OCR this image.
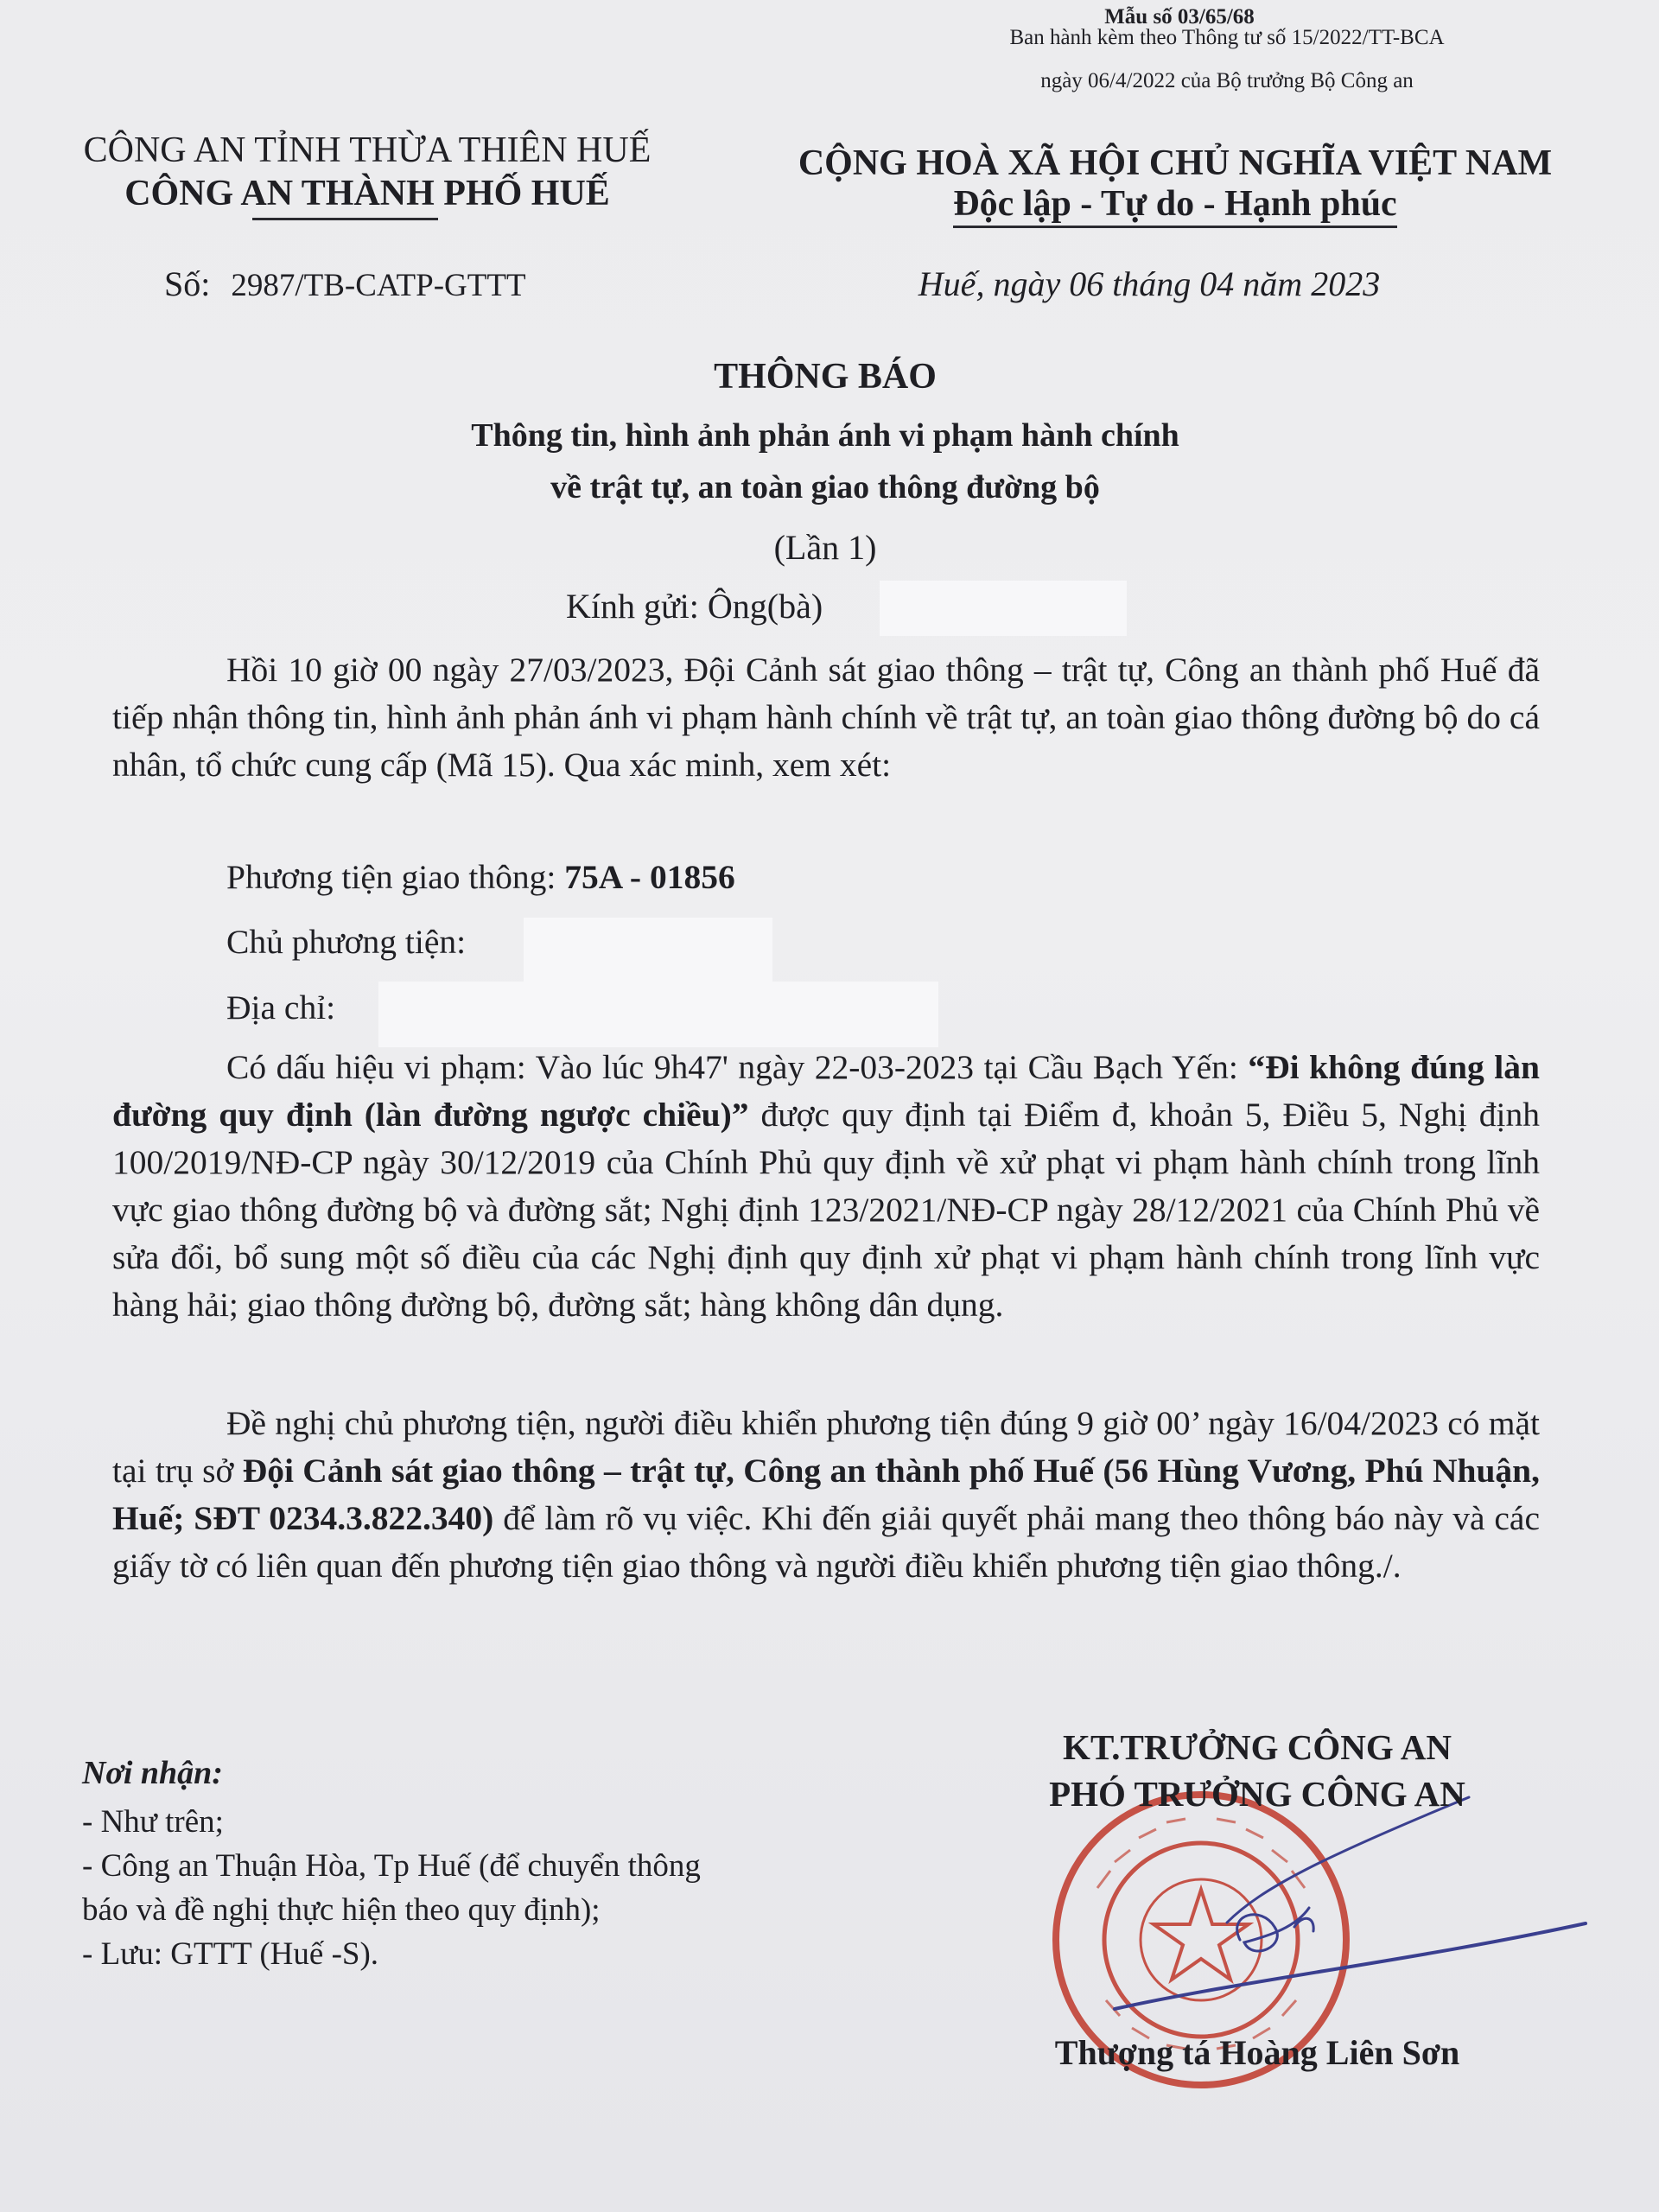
Mẫu số 03/65/68
Ban hành kèm theo Thông tư số 15/2022/TT-BCA
ngày 06/4/2022 của Bộ trưởng Bộ Công an
CÔNG AN TỈNH THỪA THIÊN HUẾ
CÔNG AN THÀNH PHỐ HUẾ
Số: 2987/TB-CATP-GTTT
CỘNG HOÀ XÃ HỘI CHỦ NGHĨA VIỆT NAM
Độc lập - Tự do - Hạnh phúc
Huế, ngày 06 tháng 04 năm 2023
THÔNG BÁO
Thông tin, hình ảnh phản ánh vi phạm hành chính
về trật tự, an toàn giao thông đường bộ
(Lần 1)
Kính gửi: Ông(bà)
Hồi 10 giờ 00 ngày 27/03/2023, Đội Cảnh sát giao thông – trật tự, Công an thành phố Huế đã tiếp nhận thông tin, hình ảnh phản ánh vi phạm hành chính về trật tự, an toàn giao thông đường bộ do cá nhân, tổ chức cung cấp (Mã 15). Qua xác minh, xem xét:
Phương tiện giao thông: 75A - 01856
Chủ phương tiện:
Địa chỉ:
Có dấu hiệu vi phạm: Vào lúc 9h47' ngày 22-03-2023 tại Cầu Bạch Yến: “Đi không đúng làn đường quy định (làn đường ngược chiều)” được quy định tại Điểm đ, khoản 5, Điều 5, Nghị định 100/2019/NĐ-CP ngày 30/12/2019 của Chính Phủ quy định về xử phạt vi phạm hành chính trong lĩnh vực giao thông đường bộ và đường sắt; Nghị định 123/2021/NĐ-CP ngày 28/12/2021 của Chính Phủ về sửa đổi, bổ sung một số điều của các Nghị định quy định xử phạt vi phạm hành chính trong lĩnh vực hàng hải; giao thông đường bộ, đường sắt; hàng không dân dụng.
Đề nghị chủ phương tiện, người điều khiển phương tiện đúng 9 giờ 00’ ngày 16/04/2023 có mặt tại trụ sở Đội Cảnh sát giao thông – trật tự, Công an thành phố Huế (56 Hùng Vương, Phú Nhuận, Huế; SĐT 0234.3.822.340) để làm rõ vụ việc. Khi đến giải quyết phải mang theo thông báo này và các giấy tờ có liên quan đến phương tiện giao thông và người điều khiển phương tiện giao thông./.
Nơi nhận:
- Như trên;
- Công an Thuận Hòa, Tp Huế (để chuyển thông
báo và đề nghị thực hiện theo quy định);
- Lưu: GTTT (Huế -S).
KT.TRƯỞNG CÔNG AN
PHÓ TRƯỞNG CÔNG AN
Thượng tá Hoàng Liên Sơn
